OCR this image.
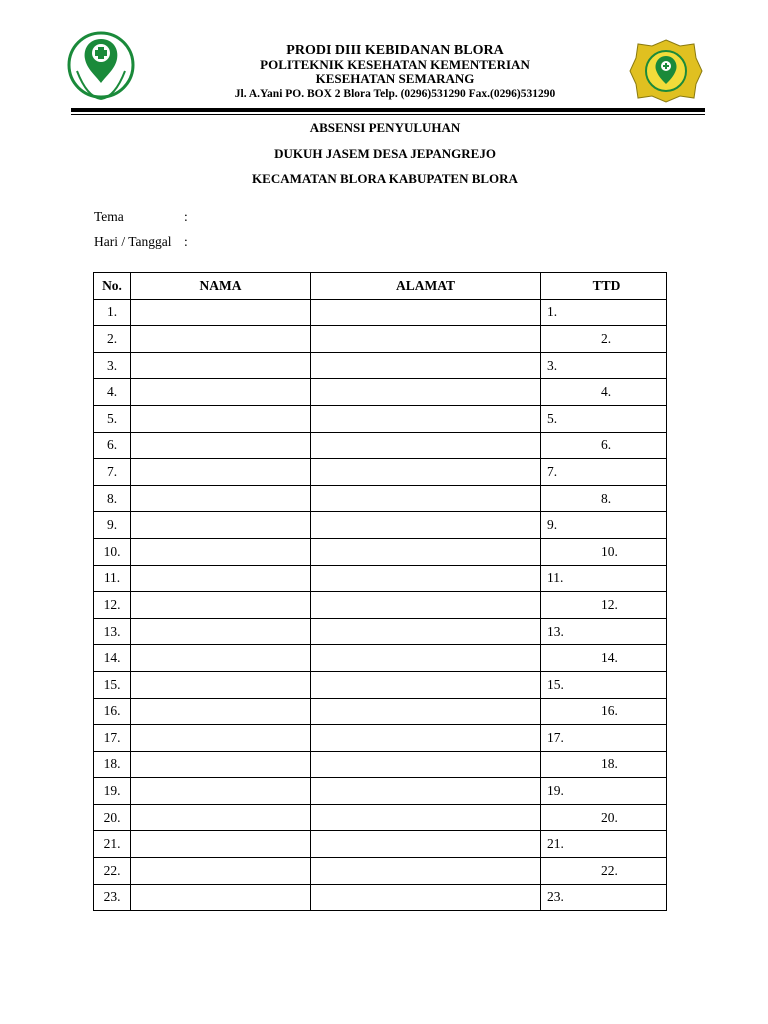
PRODI DIII KEBIDANAN BLORA
POLITEKNIK KESEHATAN KEMENTERIAN
KESEHATAN SEMARANG
Jl. A.Yani PO. BOX 2 Blora Telp. (0296)531290 Fax.(0296)531290
ABSENSI PENYULUHAN
DUKUH JASEM DESA JEPANGREJO
KECAMATAN BLORA KABUPATEN BLORA
Tema	:
Hari / Tanggal :
No.	NAMA	ALAMAT	TTD
1.			1.
2.			2.
3.			3.
4.			4.
5.			5.
6.			6.
7.			7.
8.			8.
9.			9.
10.			10.
11.			11.
12.			12.
13.			13.
14.			14.
15.			15.
16.			16.
17.			17.
18.			18.
19.			19.
20.			20.
21.			21.
22.			22.
23.			23.
